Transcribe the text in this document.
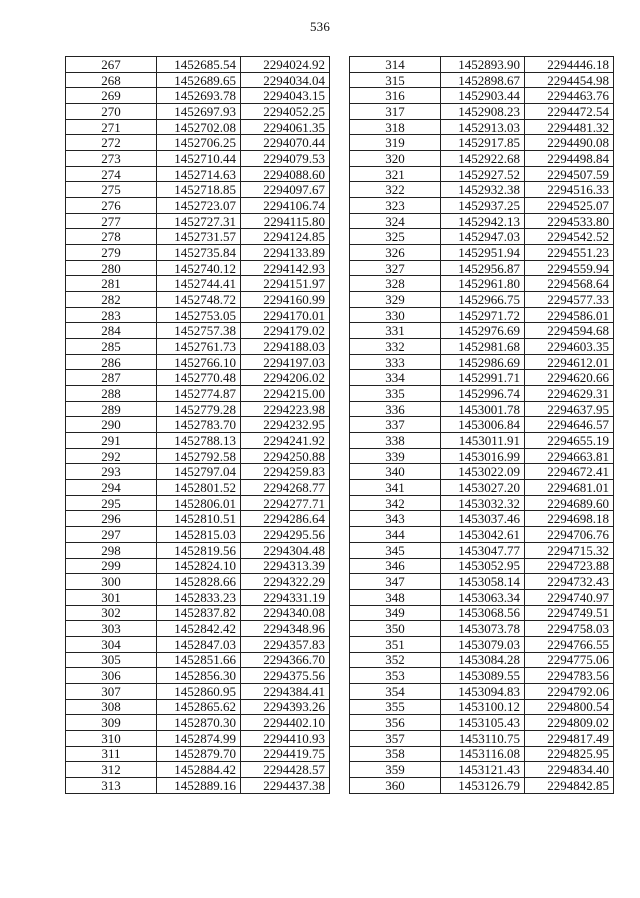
536
267	1452685.54	2294024.92
268	1452689.65	2294034.04
269	1452693.78	2294043.15
270	1452697.93	2294052.25
271	1452702.08	2294061.35
272	1452706.25	2294070.44
273	1452710.44	2294079.53
274	1452714.63	2294088.60
275	1452718.85	2294097.67
276	1452723.07	2294106.74
277	1452727.31	2294115.80
278	1452731.57	2294124.85
279	1452735.84	2294133.89
280	1452740.12	2294142.93
281	1452744.41	2294151.97
282	1452748.72	2294160.99
283	1452753.05	2294170.01
284	1452757.38	2294179.02
285	1452761.73	2294188.03
286	1452766.10	2294197.03
287	1452770.48	2294206.02
288	1452774.87	2294215.00
289	1452779.28	2294223.98
290	1452783.70	2294232.95
291	1452788.13	2294241.92
292	1452792.58	2294250.88
293	1452797.04	2294259.83
294	1452801.52	2294268.77
295	1452806.01	2294277.71
296	1452810.51	2294286.64
297	1452815.03	2294295.56
298	1452819.56	2294304.48
299	1452824.10	2294313.39
300	1452828.66	2294322.29
301	1452833.23	2294331.19
302	1452837.82	2294340.08
303	1452842.42	2294348.96
304	1452847.03	2294357.83
305	1452851.66	2294366.70
306	1452856.30	2294375.56
307	1452860.95	2294384.41
308	1452865.62	2294393.26
309	1452870.30	2294402.10
310	1452874.99	2294410.93
311	1452879.70	2294419.75
312	1452884.42	2294428.57
313	1452889.16	2294437.38
314	1452893.90	2294446.18
315	1452898.67	2294454.98
316	1452903.44	2294463.76
317	1452908.23	2294472.54
318	1452913.03	2294481.32
319	1452917.85	2294490.08
320	1452922.68	2294498.84
321	1452927.52	2294507.59
322	1452932.38	2294516.33
323	1452937.25	2294525.07
324	1452942.13	2294533.80
325	1452947.03	2294542.52
326	1452951.94	2294551.23
327	1452956.87	2294559.94
328	1452961.80	2294568.64
329	1452966.75	2294577.33
330	1452971.72	2294586.01
331	1452976.69	2294594.68
332	1452981.68	2294603.35
333	1452986.69	2294612.01
334	1452991.71	2294620.66
335	1452996.74	2294629.31
336	1453001.78	2294637.95
337	1453006.84	2294646.57
338	1453011.91	2294655.19
339	1453016.99	2294663.81
340	1453022.09	2294672.41
341	1453027.20	2294681.01
342	1453032.32	2294689.60
343	1453037.46	2294698.18
344	1453042.61	2294706.76
345	1453047.77	2294715.32
346	1453052.95	2294723.88
347	1453058.14	2294732.43
348	1453063.34	2294740.97
349	1453068.56	2294749.51
350	1453073.78	2294758.03
351	1453079.03	2294766.55
352	1453084.28	2294775.06
353	1453089.55	2294783.56
354	1453094.83	2294792.06
355	1453100.12	2294800.54
356	1453105.43	2294809.02
357	1453110.75	2294817.49
358	1453116.08	2294825.95
359	1453121.43	2294834.40
360	1453126.79	2294842.85
